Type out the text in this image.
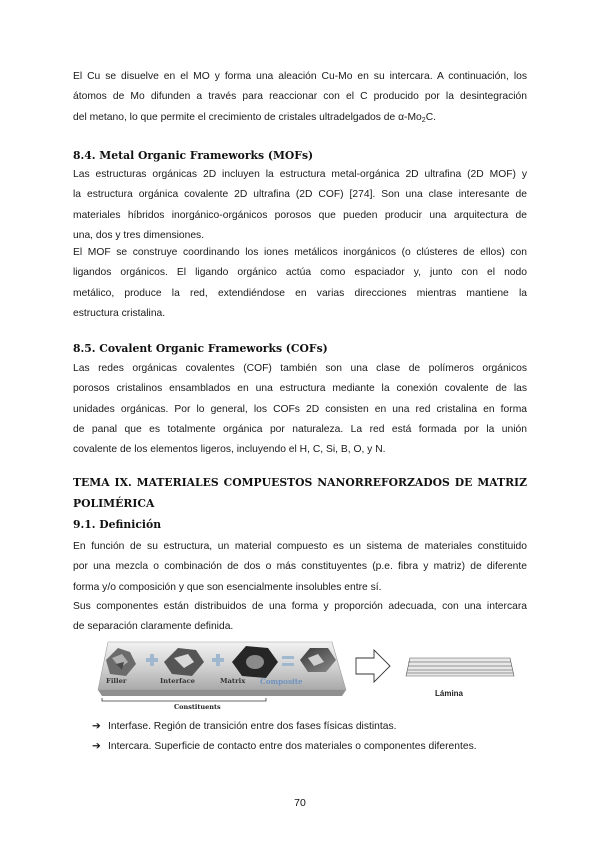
El Cu se disuelve en el MO y forma una aleación Cu-Mo en su intercara. A continuación, los
átomos de Mo difunden a través para reaccionar con el C producido por la desintegración
del metano, lo que permite el crecimiento de cristales ultradelgados de $\alpha-Mo_2C$.
8.4. Metal Organic Frameworks (MOFs)
Las estructuras orgánicas 2D incluyen la estructura metal-orgánica 2D ultrafina (2D MOF) y
la estructura orgánica covalente 2D ultrafina (2D COF) [274]. Son una clase interesante de
materiales híbridos inorgánico-orgánicos porosos que pueden producir una arquitectura de
una, dos y tres dimensiones.
El MOF se construye coordinando los iones metálicos inorgánicos (o clústeres de ellos) con
ligandos orgánicos. El ligando orgánico actúa como espaciador y, junto con el nodo
metálico, produce la red, extendiéndose en varias direcciones mientras mantiene la
estructura cristalina.
8.5. Covalent Organic Frameworks (COFs)
Las redes orgánicas covalentes (COF) también son una clase de polímeros orgánicos
porosos cristalinos ensamblados en una estructura mediante la conexión covalente de las
unidades orgánicas. Por lo general, los COFs 2D consisten en una red cristalina en forma
de panal que es totalmente orgánica por naturaleza. La red está formada por la unión
covalente de los elementos ligeros, incluyendo el H, C, Si, B, O, y N.
TEMA IX. MATERIALES COMPUESTOS NANORREFORZADOS DE MATRIZ
POLIMÉRICA
9.1. Definición
En función de su estructura, un material compuesto es un sistema de materiales constituido
por una mezcla o combinación de dos o más constituyentes (p.e. fibra y matriz) de diferente
forma y/o composición y que son esencialmente insolubles entre sí.
Sus componentes están distribuidos de una forma y proporción adecuada, con una intercara
de separación claramente definida.
Filler	Interface	Matrix Composite
Constituents
Lámina
➔ Interfase. Región de transición entre dos fases físicas distintas.
➔ Intercara. Superficie de contacto entre dos materiales o componentes diferentes.
70
